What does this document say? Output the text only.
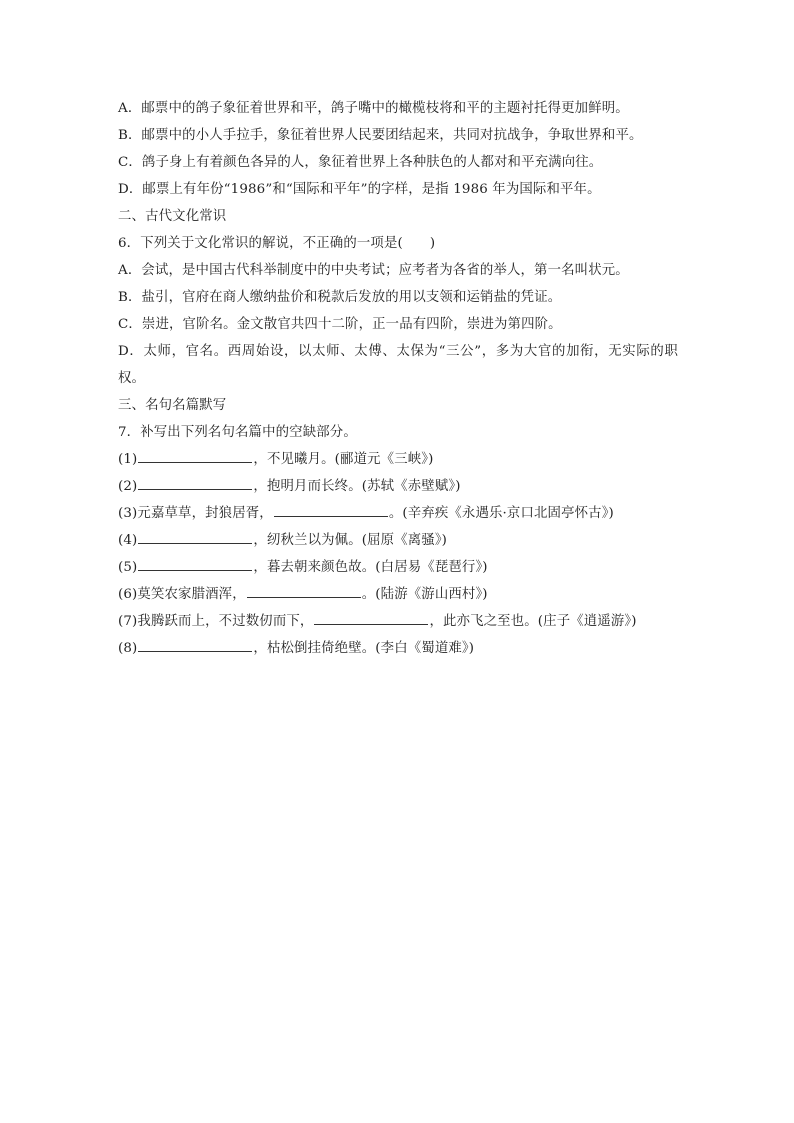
A．邮票中的鸽子象征着世界和平，鸽子嘴中的橄榄枝将和平的主题衬托得更加鲜明。
B．邮票中的小人手拉手，象征着世界人民要团结起来，共同对抗战争，争取世界和平。
C．鸽子身上有着颜色各异的人，象征着世界上各种肤色的人都对和平充满向往。
D．邮票上有年份“1986”和“国际和平年”的字样，是指 1986 年为国际和平年。
二、古代文化常识
6．下列关于文化常识的解说，不正确的一项是(　　)
A．会试，是中国古代科举制度中的中央考试；应考者为各省的举人，第一名叫状元。
B．盐引，官府在商人缴纳盐价和税款后发放的用以支领和运销盐的凭证。
C．崇进，官阶名。金文散官共四十二阶，正一品有四阶，崇进为第四阶。
D．太师，官名。西周始设，以太师、太傅、太保为“三公”，多为大官的加衔，无实际的职权。
三、名句名篇默写
7．补写出下列名句名篇中的空缺部分。
(1)	，不见曦月。(郦道元《三峡》)
(2)	，抱明月而长终。(苏轼《赤壁赋》)
(3)元嘉草草，封狼居胥，	。(辛弃疾《永遇乐·京口北固亭怀古》)
(4)	，纫秋兰以为佩。(屈原《离骚》)
(5)	，暮去朝来颜色故。(白居易《琵琶行》)
(6)莫笑农家腊酒浑，	。(陆游《游山西村》)
(7)我腾跃而上，不过数仞而下，	，此亦飞之至也。(庄子《逍遥游》)
(8)	，枯松倒挂倚绝壁。(李白《蜀道难》)
